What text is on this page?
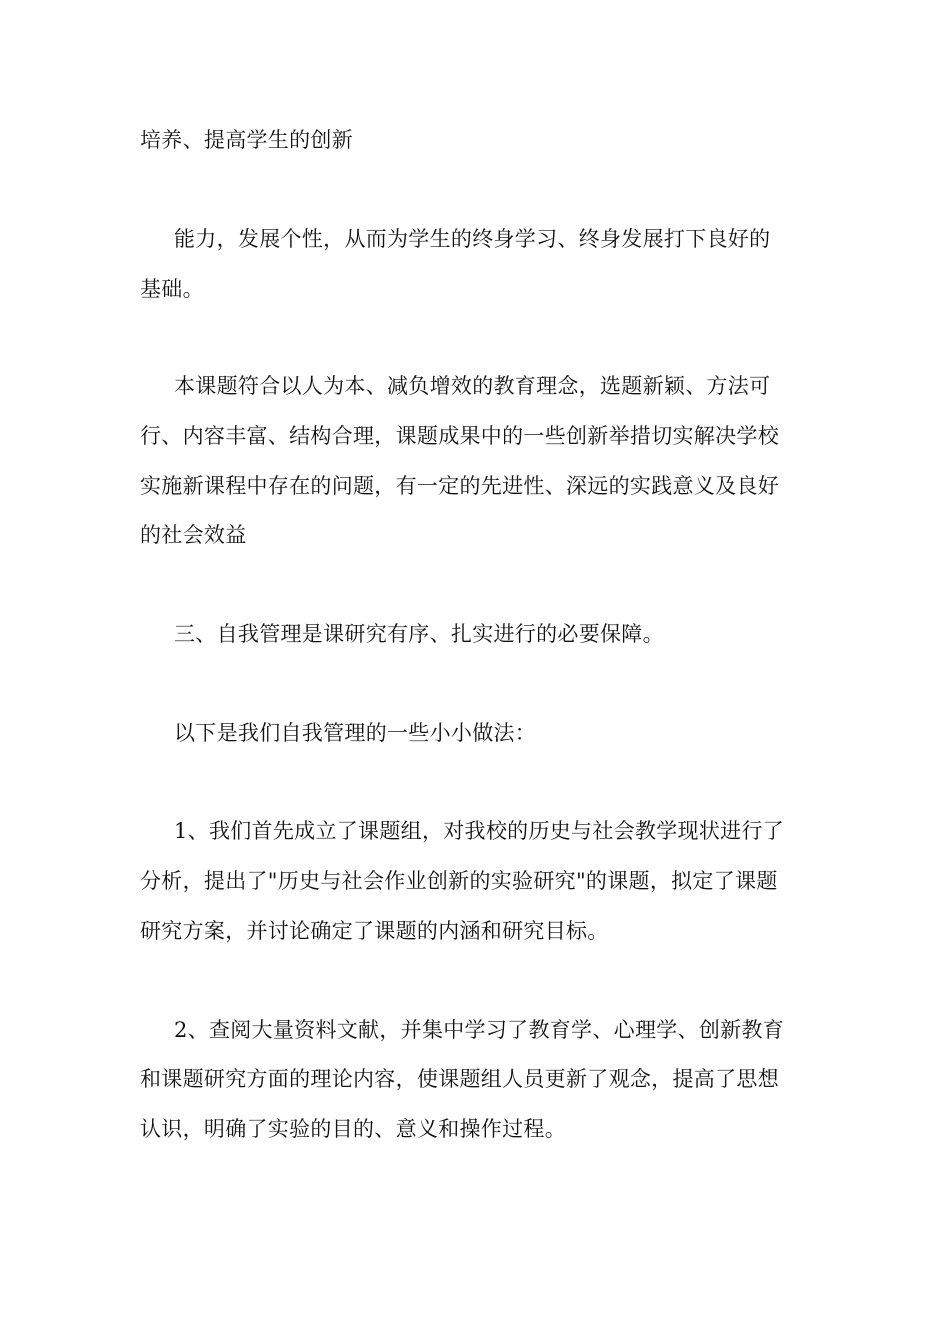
培养、提高学生的创新

能力，发展个性，从而为学生的终身学习、终身发展打下良好的

基础。

本课题符合以人为本、减负增效的教育理念，选题新颖、方法可

行、内容丰富、结构合理，课题成果中的一些创新举措切实解决学校

实施新课程中存在的问题，有一定的先进性、深远的实践意义及良好

的社会效益

三、自我管理是课研究有序、扎实进行的必要保障。

以下是我们自我管理的一些小小做法：

1、我们首先成立了课题组，对我校的历史与社会教学现状进行了

分析，提出了"历史与社会作业创新的实验研究"的课题，拟定了课题

研究方案，并讨论确定了课题的内涵和研究目标。

2、查阅大量资料文献，并集中学习了教育学、心理学、创新教育

和课题研究方面的理论内容，使课题组人员更新了观念，提高了思想

认识，明确了实验的目的、意义和操作过程。
